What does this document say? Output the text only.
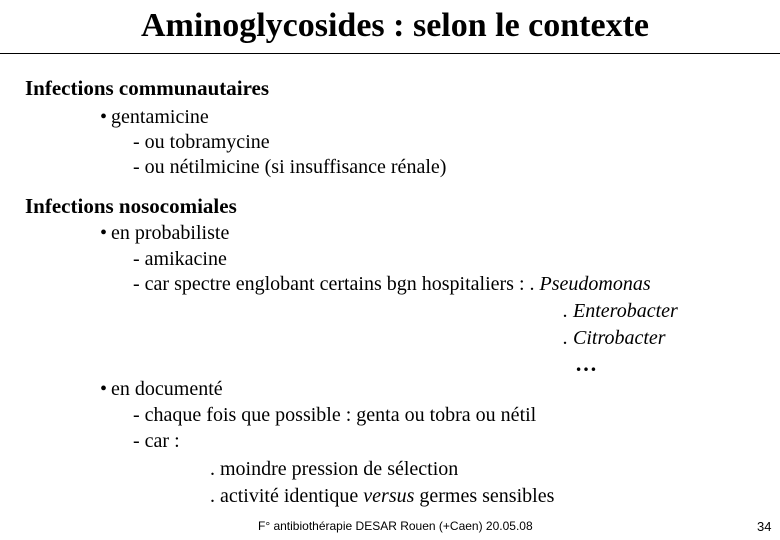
Aminoglycosides : selon le contexte
Infections communautaires
• gentamicine
- ou tobramycine
- ou nétilmicine (si insuffisance rénale)
Infections nosocomiales
• en probabiliste
- amikacine
- car spectre englobant certains bgn hospitaliers : . Pseudomonas
. Enterobacter
. Citrobacter
…
• en documenté
- chaque fois que possible : genta ou tobra ou nétil
- car :
. moindre pression de sélection
. activité identique versus germes sensibles
F° antibiothérapie DESAR Rouen (+Caen) 20.05.08	34
